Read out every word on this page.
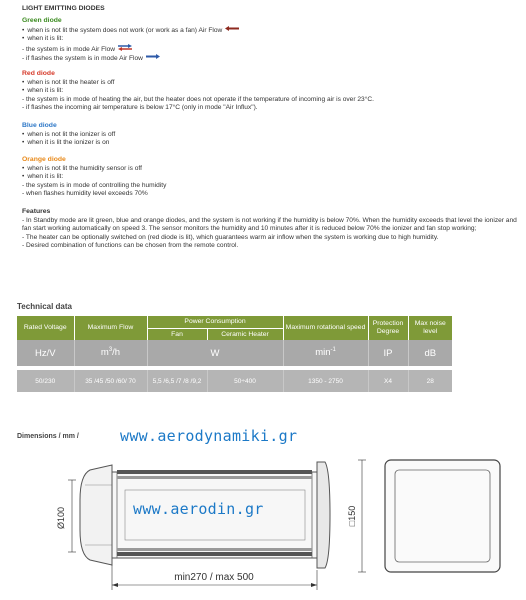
LIGHT EMITTING DIODES
Green diode
• when is not lit the system does not work (or work as a fan) Air Flow
• when it is lit:
- the system is in mode Air Flow
- if flashes the system is in mode Air Flow
Red diode
• when is not lit the heater is off
• when it is lit:
- the system is in mode of heating the air, but the heater does not operate if the temperature of incoming air is over 23°C.
- if flashes the incoming air temperature is below 17°C (only in mode "Air Influx").
Blue diode
• when is not lit the ionizer is off
• when it is lit the ionizer is on
Orange diode
• when is not lit the humidity sensor is off
• when it is lit:
- the system is in mode of controlling the humidity
- when flashes humidity level exceeds 70%
Features
- In Standby mode are lit green, blue and orange diodes, and the system is not working if the humidity is below 70%. When the humidity exceeds that level the ionizer and fan start working automatically on speed 3. The sensor monitors the humidity and 10 minutes after it is reduced below 70% the ionizer and fan stop working;
- The heater can be optionally switched on (red diode is lit), which guarantees warm air inflow when the system is working due to high humidity.
- Desired combination of functions can be chosen from the remote control.
Technical data
Rated Voltage	Maximum Flow	Power Consumption		Maximum rotational speed	Protection Degree	Max noise level
		Fan	Ceramic Heater			
Hz/V	$m^3/h$	W		$\min^{-1}$	IP	dB

50/230	35 /45 /50 /60/ 70	5,5 /6,5 /7 /8 /9,2	50÷400	1350 - 2750	X4	28
Dimensions / mm /	www.aerodynamiki.gr
Ø100	□150
min270 / max 500
www.aerodin.gr
